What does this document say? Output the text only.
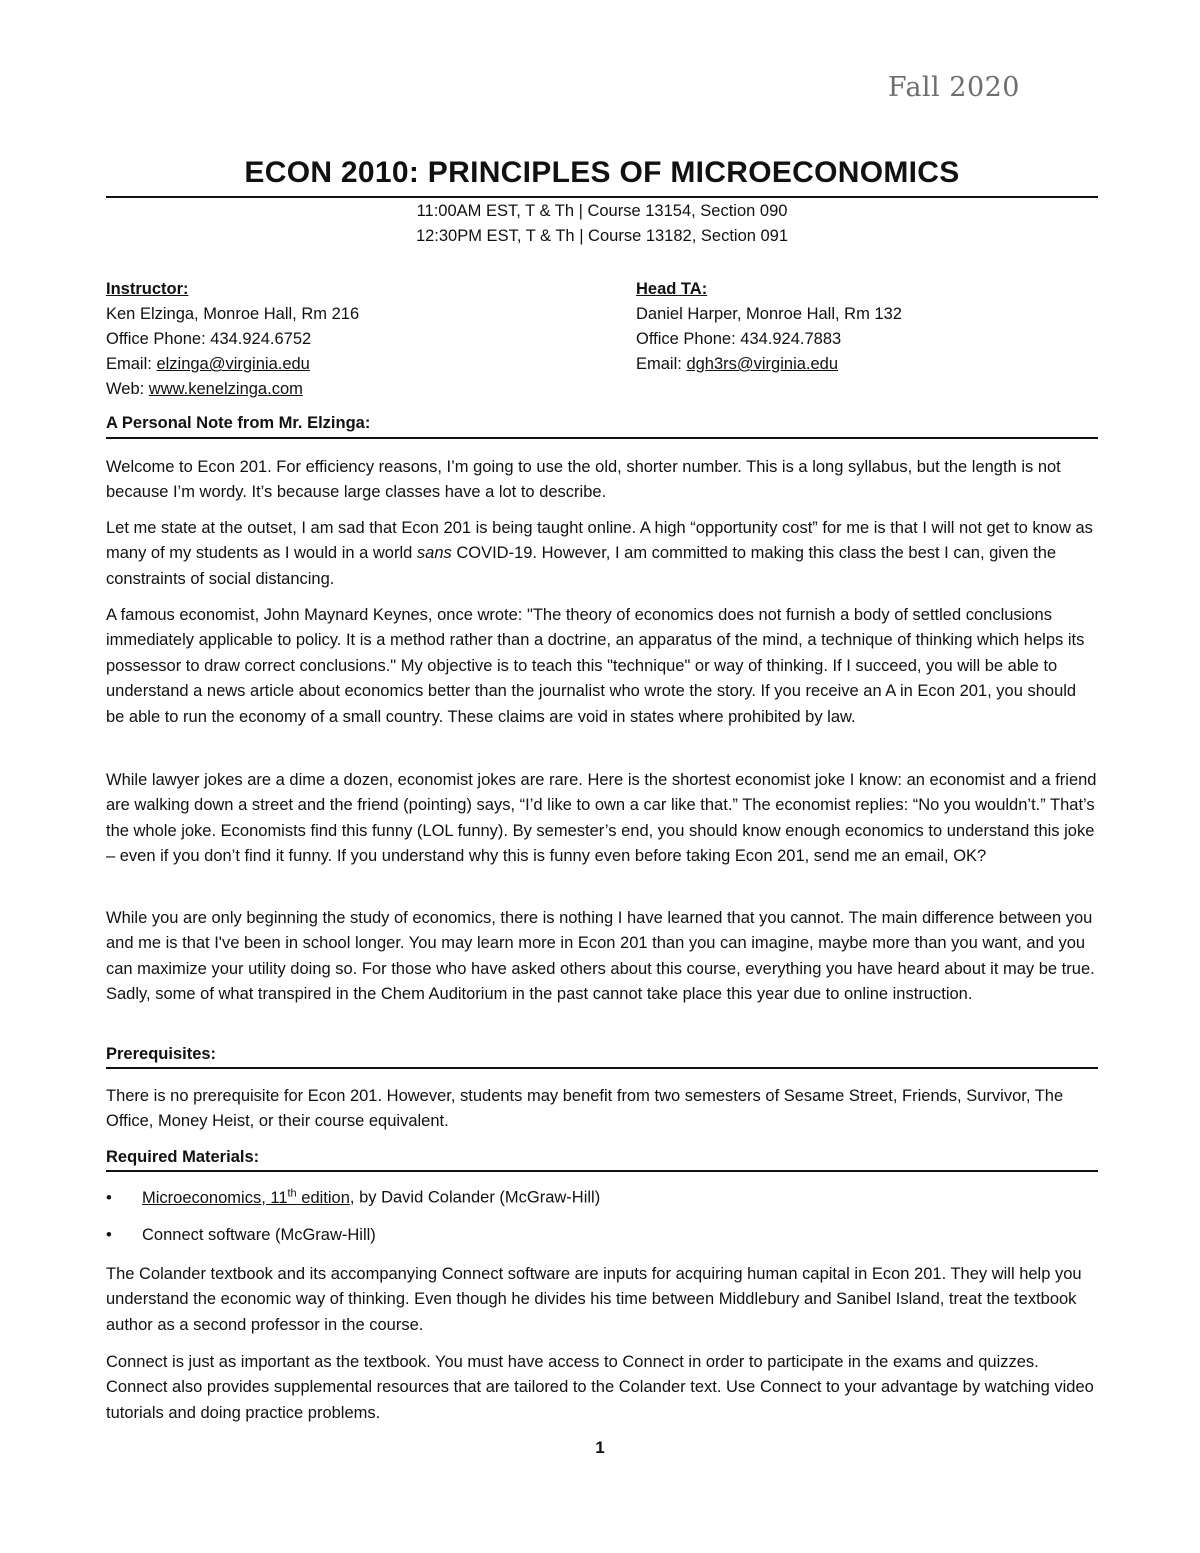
Fall 2020
ECON 2010: PRINCIPLES OF MICROECONOMICS
11:00AM EST, T & Th | Course 13154, Section 090
12:30PM EST, T & Th | Course 13182, Section 091
Instructor:
Ken Elzinga, Monroe Hall, Rm 216
Office Phone: 434.924.6752
Email: elzinga@virginia.edu
Web: www.kenelzinga.com
Head TA:
Daniel Harper, Monroe Hall, Rm 132
Office Phone: 434.924.7883
Email: dgh3rs@virginia.edu
A Personal Note from Mr. Elzinga:

Welcome to Econ 201. For efficiency reasons, I’m going to use the old, shorter number. This is a long syllabus, but the length is not because I’m wordy. It’s because large classes have a lot to describe.

Let me state at the outset, I am sad that Econ 201 is being taught online. A high “opportunity cost” for me is that I will not get to know as many of my students as I would in a world sans COVID-19. However, I am committed to making this class the best I can, given the constraints of social distancing.

A famous economist, John Maynard Keynes, once wrote: "The theory of economics does not furnish a body of settled conclusions immediately applicable to policy. It is a method rather than a doctrine, an apparatus of the mind, a technique of thinking which helps its possessor to draw correct conclusions." My objective is to teach this "technique" or way of thinking. If I succeed, you will be able to understand a news article about economics better than the journalist who wrote the story. If you receive an A in Econ 201, you should be able to run the economy of a small country. These claims are void in states where prohibited by law.

While lawyer jokes are a dime a dozen, economist jokes are rare. Here is the shortest economist joke I know: an economist and a friend are walking down a street and the friend (pointing) says, “I’d like to own a car like that.” The economist replies: “No you wouldn’t.” That’s the whole joke. Economists find this funny (LOL funny). By semester’s end, you should know enough economics to understand this joke – even if you don’t find it funny. If you understand why this is funny even before taking Econ 201, send me an email, OK?

While you are only beginning the study of economics, there is nothing I have learned that you cannot. The main difference between you and me is that I've been in school longer. You may learn more in Econ 201 than you can imagine, maybe more than you want, and you can maximize your utility doing so. For those who have asked others about this course, everything you have heard about it may be true. Sadly, some of what transpired in the Chem Auditorium in the past cannot take place this year due to online instruction.

Prerequisites:

There is no prerequisite for Econ 201. However, students may benefit from two semesters of Sesame Street, Friends, Survivor, The Office, Money Heist, or their course equivalent.

Required Materials:
• Microeconomics, 11th edition, by David Colander (McGraw-Hill)
• Connect software (McGraw-Hill)

The Colander textbook and its accompanying Connect software are inputs for acquiring human capital in Econ 201. They will help you understand the economic way of thinking. Even though he divides his time between Middlebury and Sanibel Island, treat the textbook author as a second professor in the course.

Connect is just as important as the textbook. You must have access to Connect in order to participate in the exams and quizzes. Connect also provides supplemental resources that are tailored to the Colander text. Use Connect to your advantage by watching video tutorials and doing practice problems.

1
